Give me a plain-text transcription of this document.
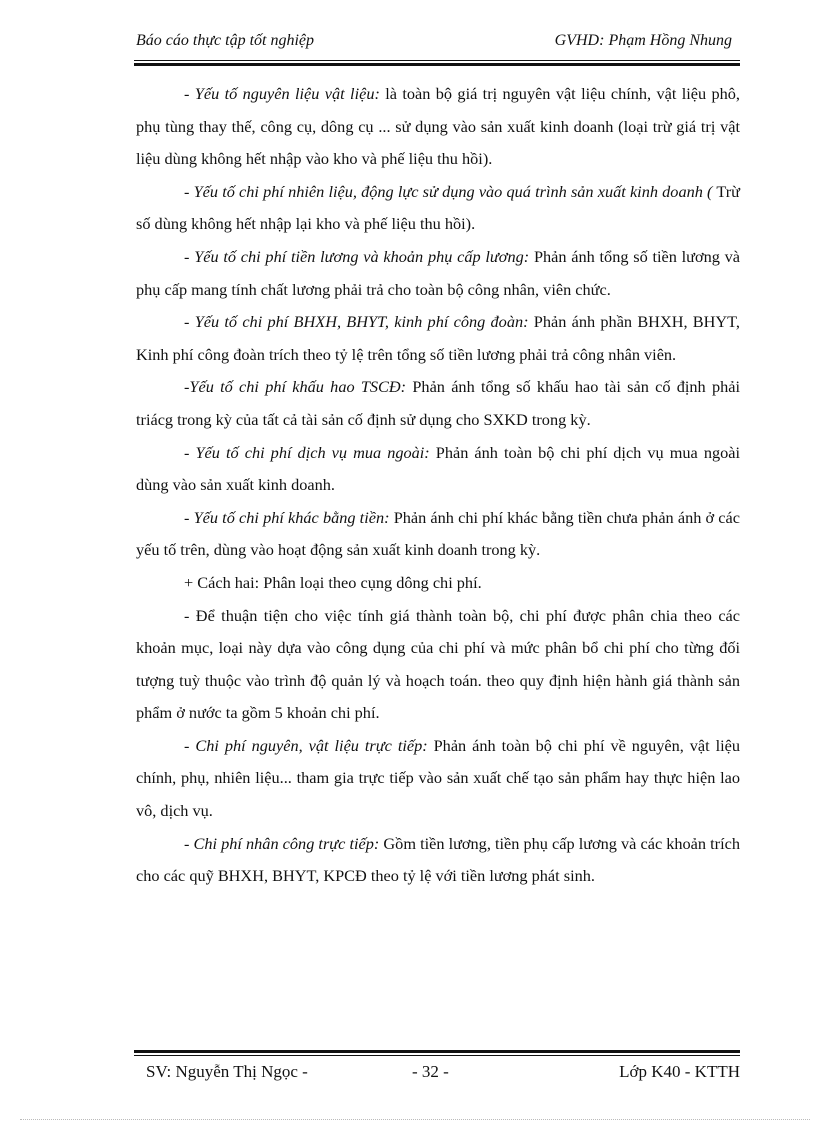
Báo cáo thực tập tốt nghiệp	GVHD: Phạm Hồng Nhung

- Yếu tố nguyên liệu vật liệu: là toàn bộ giá trị nguyên vật liệu chính, vật liệu phô, phụ tùng thay thế, công cụ, dông cụ ... sử dụng vào sản xuất kinh doanh (loại trừ giá trị vật liệu dùng không hết nhập vào kho và phế liệu thu hồi).

- Yếu tố chi phí nhiên liệu, động lực sử dụng vào quá trình sản xuất kinh doanh ( Trừ số dùng không hết nhập lại kho và phế liệu thu hồi).

- Yếu tố chi phí tiền lương và khoản phụ cấp lương: Phản ánh tổng số tiền lương và phụ cấp mang tính chất lương phải trả cho toàn bộ công nhân, viên chức.

- Yếu tố chi phí BHXH, BHYT, kinh phí công đoàn: Phản ánh phần BHXH, BHYT, Kinh phí công đoàn trích theo tỷ lệ trên tổng số tiền lương phải trả công nhân viên.

-Yếu tố chi phí khấu hao TSCĐ: Phản ánh tổng số khấu hao tài sản cố định phải triácg trong kỳ của tất cả tài sản cố định sử dụng cho SXKD trong kỳ.

- Yếu tố chi phí dịch vụ mua ngoài: Phản ánh toàn bộ chi phí dịch vụ mua ngoài dùng vào sản xuất kinh doanh.

- Yếu tố chi phí khác bằng tiền: Phản ánh chi phí khác bằng tiền chưa phản ánh ở các yếu tố trên, dùng vào hoạt động sản xuất kinh doanh trong kỳ.

+ Cách hai: Phân loại theo cụng dông chi phí.

- Để thuận tiện cho việc tính giá thành toàn bộ, chi phí được phân chia theo các khoản mục, loại này dựa vào công dụng của chi phí và mức phân bổ chi phí cho từng đối tượng tuỳ thuộc vào trình độ quản lý và hoạch toán. theo quy định hiện hành giá thành sản phẩm ở nước ta gồm 5 khoản chi phí.

- Chi phí nguyên, vật liệu trực tiếp: Phản ánh toàn bộ chi phí về nguyên, vật liệu chính, phụ, nhiên liệu... tham gia trực tiếp vào sản xuất chế tạo sản phẩm hay thực hiện lao vô, dịch vụ.

- Chi phí nhân công trực tiếp: Gồm tiền lương, tiền phụ cấp lương và các khoản trích cho các quỹ BHXH, BHYT, KPCĐ theo tỷ lệ với tiền lương phát sinh.

SV: Nguyễn Thị Ngọc -	- 32 -	Lớp K40 - KTTH
